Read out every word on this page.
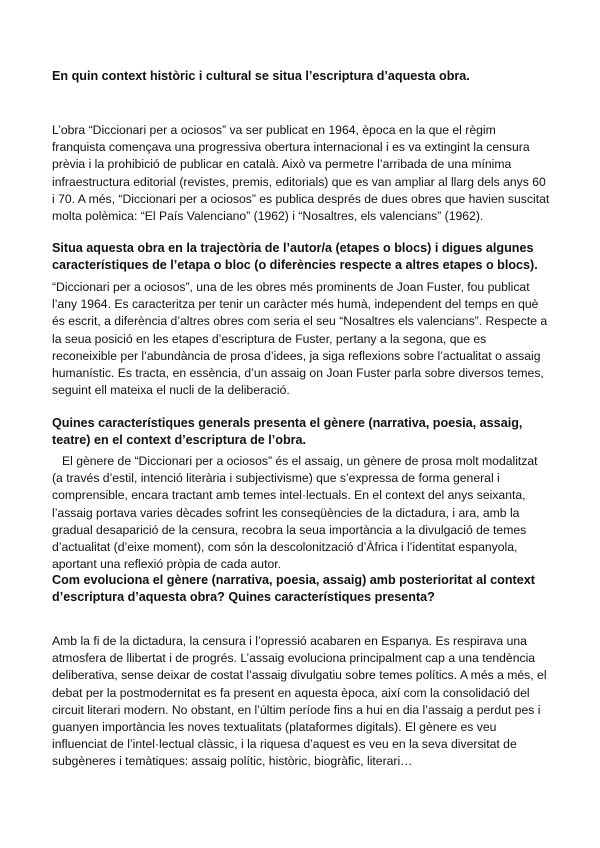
En quin context històric i cultural se situa l’escriptura d’aquesta obra.

L’obra “Diccionari per a ociosos” va ser publicat en 1964, època en la que el règim franquista començava una progressiva obertura internacional i es va extingint la censura prèvia i la prohibició de publicar en català. Això va permetre l’arribada de una mínima infraestructura editorial (revistes, premis, editorials) que es van ampliar al llarg dels anys 60 i 70. A més, “Diccionari per a ociosos” es publica després de dues obres que havien suscitat molta polèmica: “El País Valenciano” (1962) i “Nosaltres, els valencians” (1962).

Situa aquesta obra en la trajectòria de l’autor/a (etapes o blocs) i digues algunes característiques de l’etapa o bloc (o diferències respecte a altres etapes o blocs).

“Diccionari per a ociosos”, una de les obres més prominents de Joan Fuster, fou publicat l’any 1964. Es caracteritza per tenir un caràcter més humà, independent del temps en què és escrit, a diferència d’altres obres com seria el seu “Nosaltres els valencians”. Respecte a la seua posició en les etapes d’escriptura de Fuster, pertany a la segona, que es reconeixible per l’abundància de prosa d’idees, ja siga reflexions sobre l’actualitat o assaig humanístic. Es tracta, en essència, d’un assaig on Joan Fuster parla sobre diversos temes, seguint ell mateixa el nucli de la deliberació.

Quines característiques generals presenta el gènere (narrativa, poesia, assaig, teatre) en el context d’escriptura de l’obra.

El gènere de “Diccionari per a ociosos” és el assaig, un gènere de prosa molt modalitzat (a través d’estil, intenció literària i subjectivisme) que s’expressa de forma general i comprensible, encara tractant amb temes intel·lectuals. En el context del anys seixanta, l’assaig portava varies dècades sofrint les conseqüències de la dictadura, i ara, amb la gradual desaparició de la censura, recobra la seua importància a la divulgació de temes d’actualitat (d’eixe moment), com són la descolonització d’Àfrica i l’identitat espanyola, aportant una reflexió pròpia de cada autor.

Com evoluciona el gènere (narrativa, poesia, assaig) amb posterioritat al context d’escriptura d’aquesta obra? Quines característiques presenta?

Amb la fi de la dictadura, la censura i l’opressió acabaren en Espanya. Es respirava una atmosfera de llibertat i de progrés. L’assaig evoluciona principalment cap a una tendència deliberativa, sense deixar de costat l’assaig divulgatiu sobre temes polítics. A més a més, el debat per la postmodernitat es fa present en aquesta època, així com la consolidació del circuit literari modern. No obstant, en l’últim període fins a hui en dia l’assaig a perdut pes i guanyen importància les noves textualitats (plataformes digitals). El gènere es veu influenciat de l’intel·lectual clàssic, i la riquesa d’aquest es veu en la seva diversitat de subgèneres i temàtiques: assaig polític, històric, biogràfic, literari…
